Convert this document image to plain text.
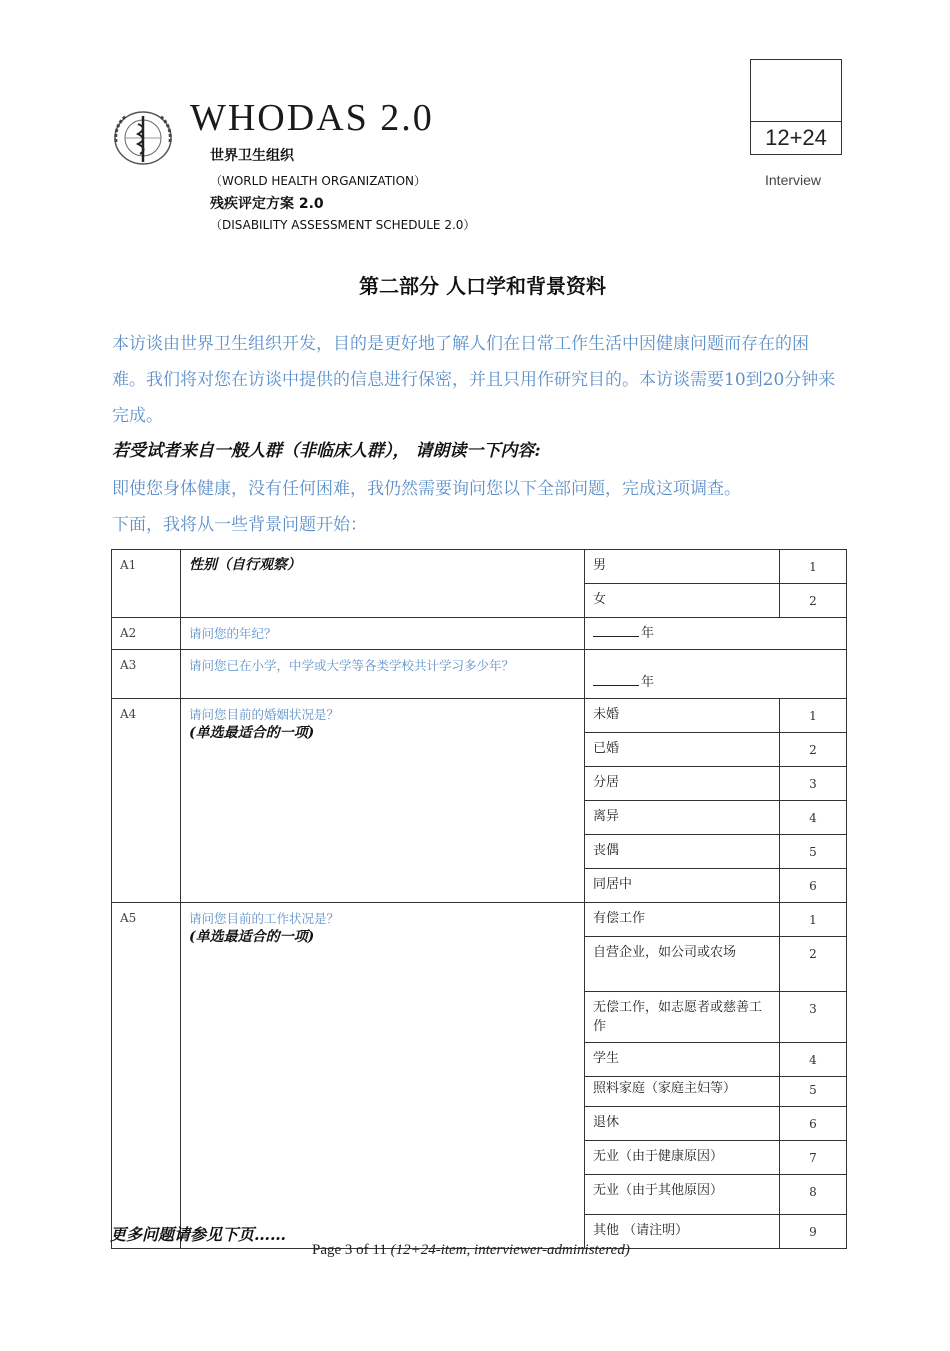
WHODAS 2.0
世界卫生组织
（WORLD HEALTH ORGANIZATION）
残疾评定方案 2.0
（DISABILITY ASSESSMENT SCHEDULE 2.0）
12+24
Interview
第二部分 人口学和背景资料
本访谈由世界卫生组织开发，目的是更好地了解人们在日常工作生活中因健康问题而存在的困难。我们将对您在访谈中提供的信息进行保密，并且只用作研究目的。本访谈需要10到20分钟来完成。
若受试者来自一般人群（非临床人群）， 请朗读一下内容:
即使您身体健康，没有任何困难，我仍然需要询问您以下全部问题，完成这项调查。
下面，我将从一些背景问题开始：
A1	性别（自行观察）	男	1
		女	2
A2	请问您的年纪？	年	
A3	请问您已在小学，中学或大学等各类学校共计学习多少年？	年	
A4	请问您目前的婚姻状况是？
(单选最适合的一项)	未婚	1
		已婚	2
		分居	3
		离异	4
		丧偶	5
		同居中	6
A5	请问您目前的工作状况是？
(单选最适合的一项)	有偿工作	1
		自营企业，如公司或农场	2
		无偿工作，如志愿者或慈善工作	3
		学生	4
		照料家庭（家庭主妇等）	5
		退休	6
		无业（由于健康原因）	7
		无业（由于其他原因）	8
		其他 （请注明）	9
更多问题请参见下页……
Page 3 of 11 (12+24-item, interviewer-administered)
